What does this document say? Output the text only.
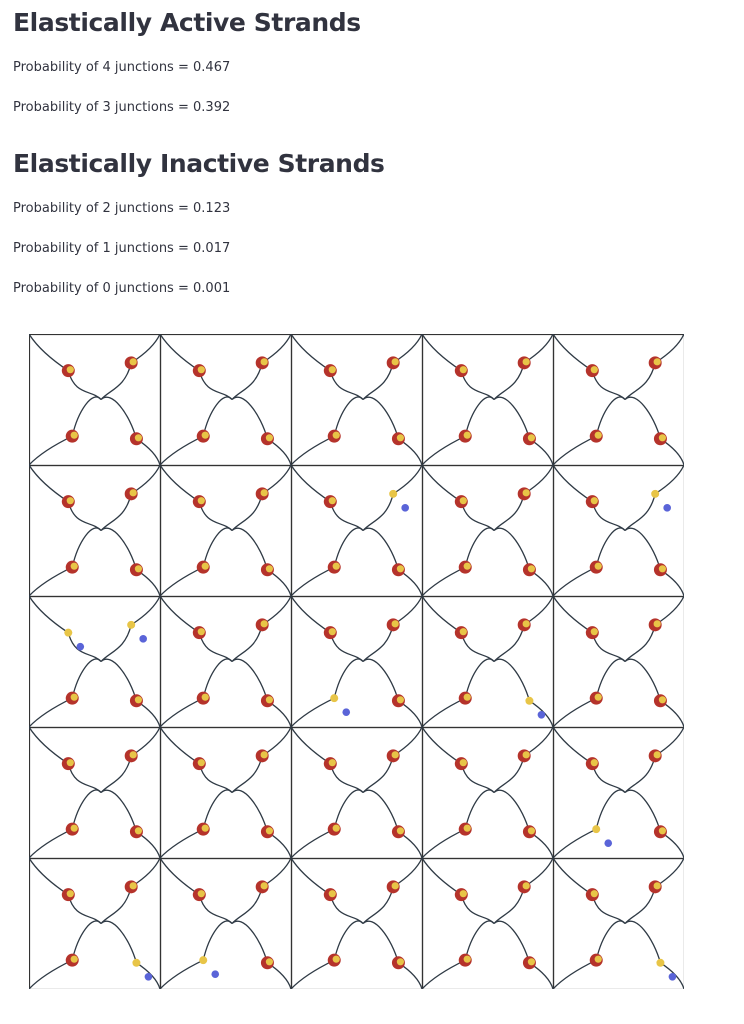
Elastically Active Strands

Probability of 4 junctions = 0.467

Probability of 3 junctions = 0.392

Elastically Inactive Strands

Probability of 2 junctions = 0.123

Probability of 1 junctions = 0.017

Probability of 0 junctions = 0.001
